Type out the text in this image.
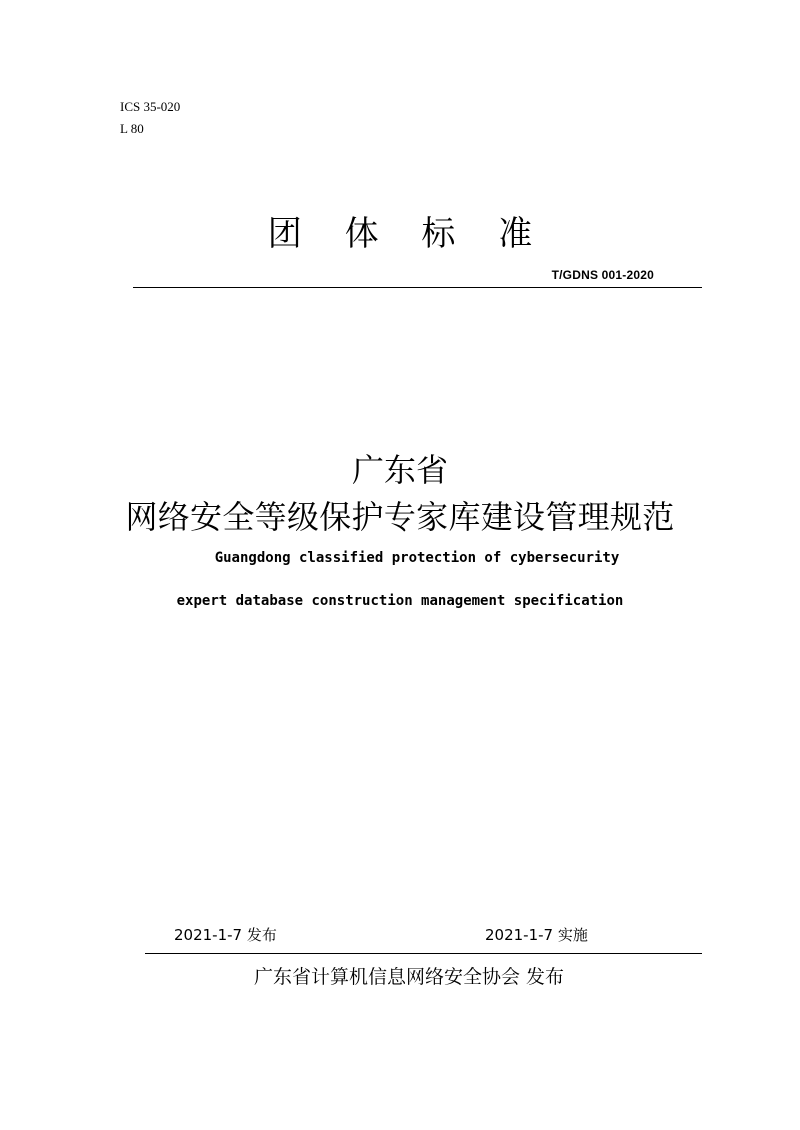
ICS 35-020
L 80
团 体 标 准
T/GDNS 001-2020
广东省
网络安全等级保护专家库建设管理规范
Guangdong classified protection of cybersecurity
expert database construction management specification
2021-1-7 发布	2021-1-7 实施
广东省计算机信息网络安全协会 发布
